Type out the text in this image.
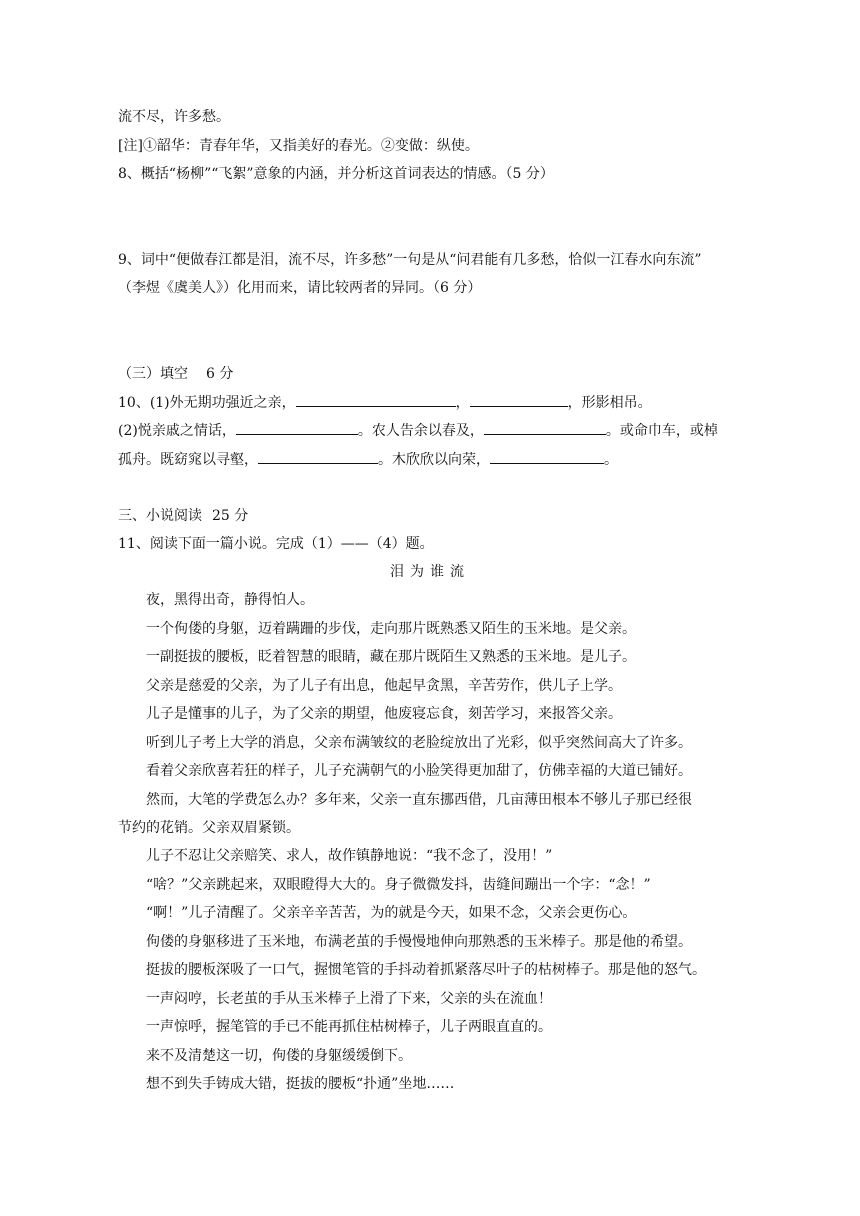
流不尽，许多愁。
[注]①韶华：青春年华，又指美好的春光。②变做：纵使。
8、概括“杨柳”“飞絮”意象的内涵，并分析这首词表达的情感。（5 分）
9、词中“便做春江都是泪，流不尽，许多愁”一句是从“问君能有几多愁，恰似一江春水向东流”
（李煜《虞美人》）化用而来，请比较两者的异同。（6 分）
（三）填空 6 分
10、(1)外无期功强近之亲，	，	，形影相吊。
(2)悦亲戚之情话，	。农人告余以春及，	。或命巾车，或棹
孤舟。既窈窕以寻壑，	。木欣欣以向荣，	。
三、小说阅读 25 分
11、阅读下面一篇小说。完成（1）——（4）题。
泪为谁流
夜，黑得出奇，静得怕人。
一个佝偻的身躯，迈着蹒跚的步伐，走向那片既熟悉又陌生的玉米地。是父亲。
一副挺拔的腰板，眨着智慧的眼睛，藏在那片既陌生又熟悉的玉米地。是儿子。
父亲是慈爱的父亲，为了儿子有出息，他起早贪黑，辛苦劳作，供儿子上学。
儿子是懂事的儿子，为了父亲的期望，他废寝忘食，刻苦学习，来报答父亲。
听到儿子考上大学的消息，父亲布满皱纹的老脸绽放出了光彩，似乎突然间高大了许多。
看着父亲欣喜若狂的样子，儿子充满朝气的小脸笑得更加甜了，仿佛幸福的大道已铺好。
然而，大笔的学费怎么办？多年来，父亲一直东挪西借，几亩薄田根本不够儿子那已经很
节约的花销。父亲双眉紧锁。
儿子不忍让父亲赔笑、求人，故作镇静地说：“我不念了，没用！”
“啥？”父亲跳起来，双眼瞪得大大的。身子微微发抖，齿缝间蹦出一个字：“念！”
“啊！”儿子清醒了。父亲辛辛苦苦，为的就是今天，如果不念，父亲会更伤心。
佝偻的身躯移进了玉米地，布满老茧的手慢慢地伸向那熟悉的玉米棒子。那是他的希望。
挺拔的腰板深吸了一口气，握惯笔管的手抖动着抓紧落尽叶子的枯树棒子。那是他的怒气。
一声闷哼，长老茧的手从玉米棒子上滑了下来，父亲的头在流血！
一声惊呼，握笔管的手已不能再抓住枯树棒子，儿子两眼直直的。
来不及清楚这一切，佝偻的身躯缓缓倒下。
想不到失手铸成大错，挺拔的腰板“扑通”坐地……
